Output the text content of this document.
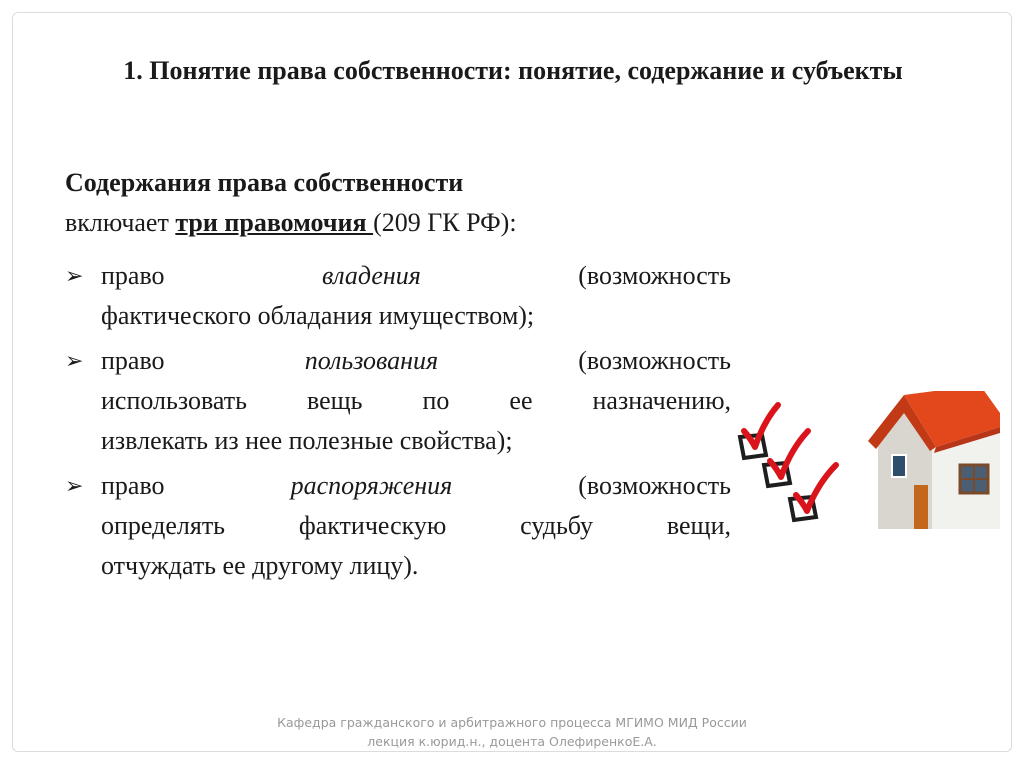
1. Понятие права собственности: понятие, содержание и субъекты
Содержания права собственности
включает три правомочия (209 ГК РФ):
➢ право	владения	(возможность
фактического обладания имуществом);
➢ право	пользования	(возможность
использовать вещь по ее назначению,
извлекать из нее полезные свойства);
➢ право	распоряжения	(возможность
определять фактическую судьбу вещи,
отчуждать ее другому лицу).
Кафедра гражданского и арбитражного процесса МГИМО МИД России
лекция к.юрид.н., доцента ОлефиренкоЕ.А.
